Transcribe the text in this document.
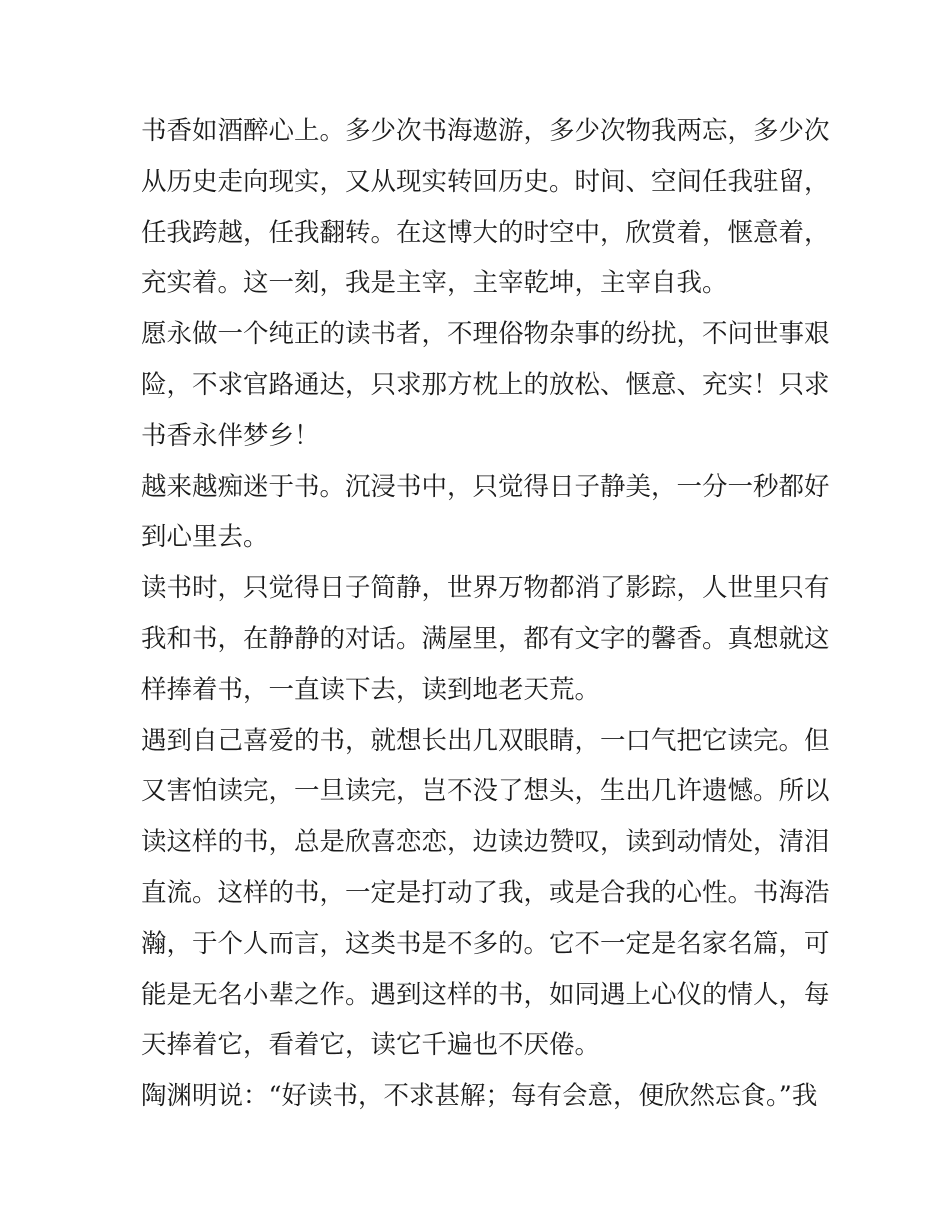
书香如酒醉心上。多少次书海遨游，多少次物我两忘，多少次
从历史走向现实，又从现实转回历史。时间、空间任我驻留，
任我跨越，任我翻转。在这博大的时空中，欣赏着，惬意着，
充实着。这一刻，我是主宰，主宰乾坤，主宰自我。
愿永做一个纯正的读书者，不理俗物杂事的纷扰，不问世事艰
险，不求官路通达，只求那方枕上的放松、惬意、充实！只求
书香永伴梦乡！
越来越痴迷于书。沉浸书中，只觉得日子静美，一分一秒都好
到心里去。
读书时，只觉得日子简静，世界万物都消了影踪，人世里只有
我和书，在静静的对话。满屋里，都有文字的馨香。真想就这
样捧着书，一直读下去，读到地老天荒。
遇到自己喜爱的书，就想长出几双眼睛，一口气把它读完。但
又害怕读完，一旦读完，岂不没了想头，生出几许遗憾。所以
读这样的书，总是欣喜恋恋，边读边赞叹，读到动情处，清泪
直流。这样的书，一定是打动了我，或是合我的心性。书海浩
瀚，于个人而言，这类书是不多的。它不一定是名家名篇，可
能是无名小辈之作。遇到这样的书，如同遇上心仪的情人，每
天捧着它，看着它，读它千遍也不厌倦。
陶渊明说：“好读书，不求甚解；每有会意，便欣然忘食。”我
